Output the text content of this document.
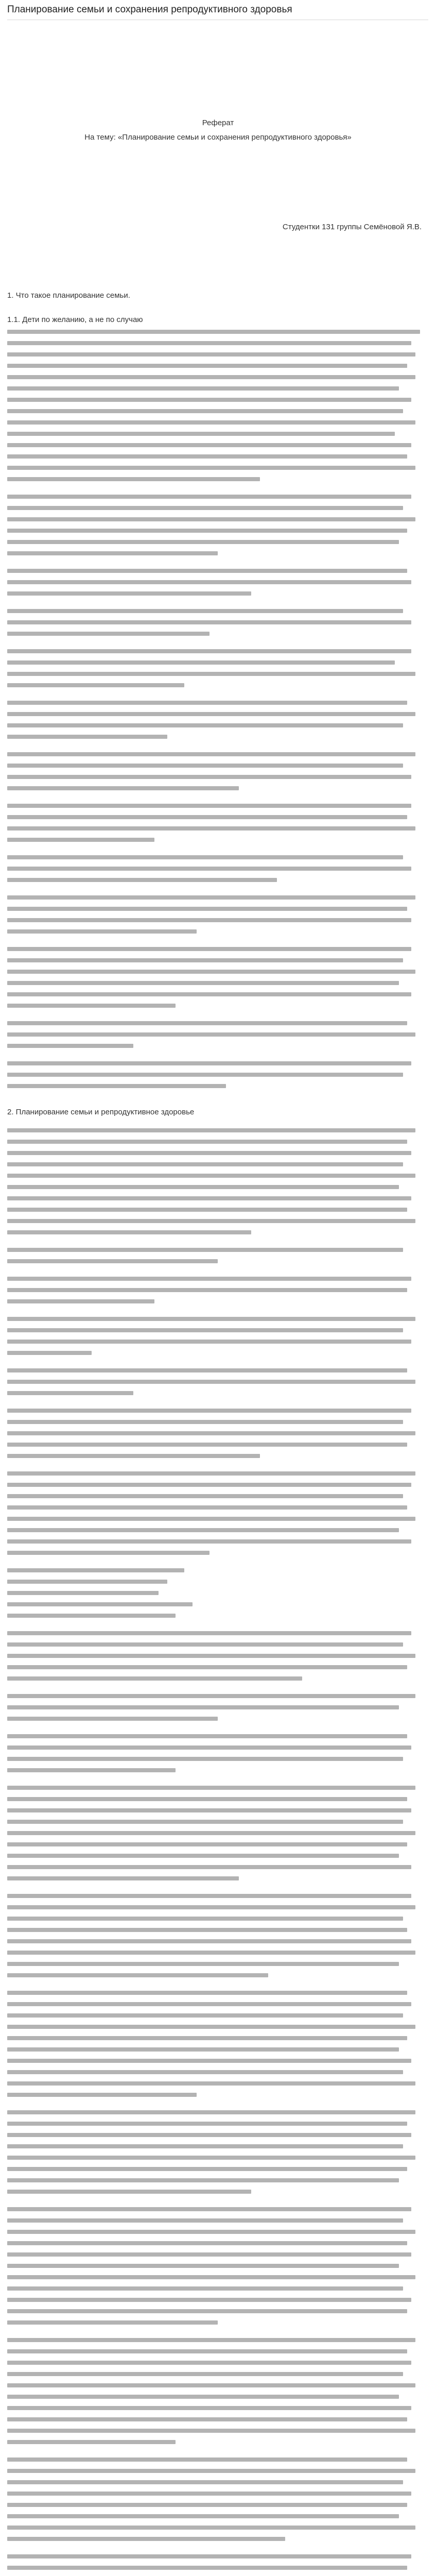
Планирование семьи и сохранения репродуктивного здоровья
Реферат
На тему: «Планирование семьи и сохранения репродуктивного здоровья»
Студентки 131 группы Семёновой Я.В.
1. Что такое планирование семьи.
1.1. Дети по желанию, а не по случаю
2. Планирование семьи и репродуктивное здоровье
